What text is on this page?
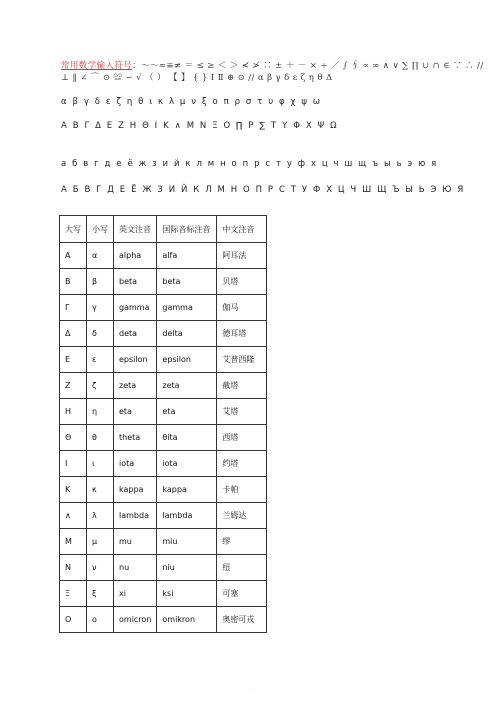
常用数学输入符号：～～≈≡≠ ＝ ≤ ≥ ＜ ＞ ≮ ≯ ∷ ± ＋ － × ÷ ／ ∫ ∮ ∝ ∞ ∧ ∨ ∑ ∏ ∪ ∩ ∈ ∵ ∴ // ⊥ ‖ ∠ ⌒ ⊙ ≌ ∽ √ （ ） 【 】 { } Ⅰ Ⅱ ⊕ ⊙ // α β γ δ ε ζ η θ Δ
α β γ δ ε ζ η θ ι κ λ μ ν ξ ο π ρ σ τ υ φ χ ψ ω
Α Β Γ Δ Ε Ζ Η Θ Ι Κ ∧ Μ Ν Ξ Ο ∏ Ρ ∑ Τ Υ Φ Χ Ψ Ω
а б в г д е ё ж з и й к л м н о п р с т у ф х ц ч ш щ ъ ы ь э ю я
А Б В Г Д Е Ё Ж З И Й К Л М Н О П Р С Т У Ф Х Ц Ч Ш Щ Ъ Ы Ь Э Ю Я
大写	小写	英文注音	国际音标注音	中文注音
Α	α	alpha	alfa	阿耳法
Β	β	beta	beta	贝塔
Γ	γ	gamma	gamma	伽马
Δ	δ	deta	delta	德耳塔
Ε	ε	epsilon	epsilon	艾普西隆
Ζ	ζ	zeta	zeta	截塔
Η	η	eta	eta	艾塔
Θ	θ	theta	θita	西塔
Ι	ι	iota	iota	约塔
Κ	κ	kappa	kappa	卡帕
∧	λ	lambda	lambda	兰姆达
Μ	μ	mu	miu	缪
Ν	ν	nu	niu	纽
Ξ	ξ	xi	ksi	可塞
Ο	ο	omicron	omikron	奥密可戎
· · ·
